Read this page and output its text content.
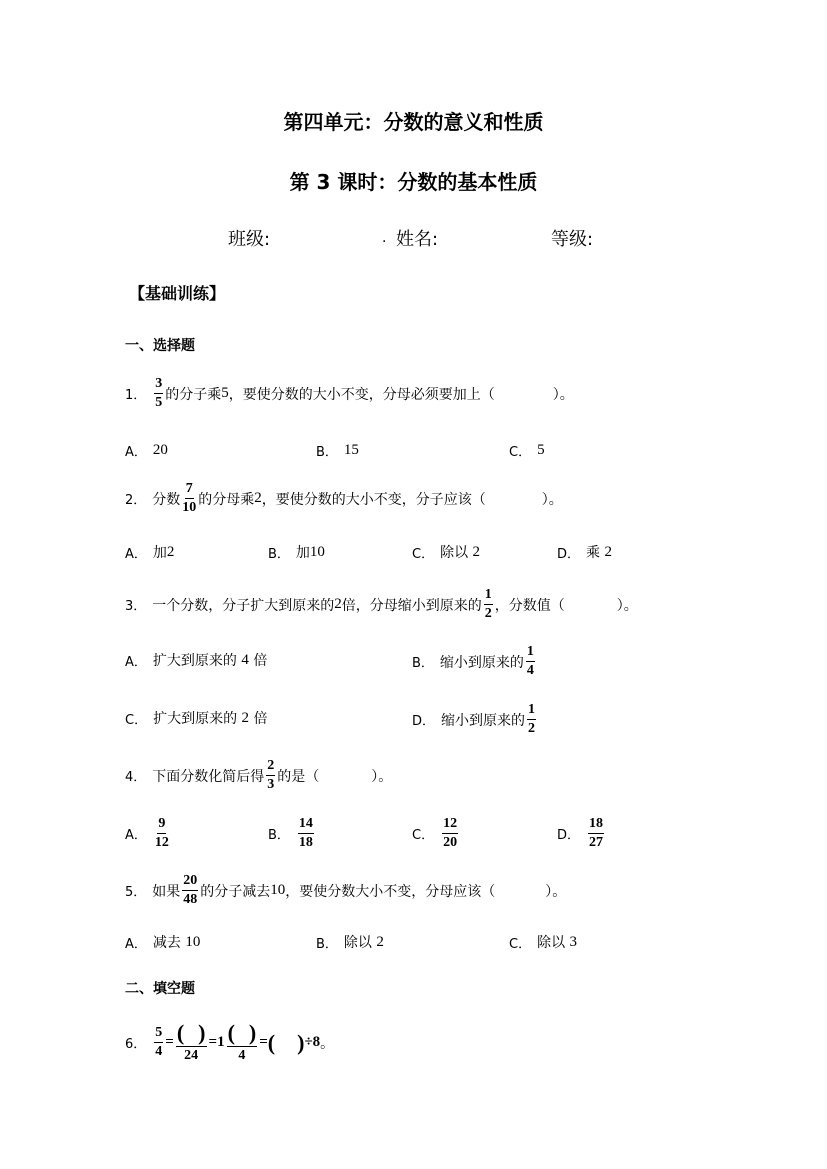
第四单元：分数的意义和性质
第 3 课时：分数的基本性质
班级:	. 姓名:	等级:
【基础训练】
一、选择题
1． $\frac{3}{5}$ 的分子乘 5 ，要使分数的大小不变，分母必须要加上（	）。
A． 20	B． 15	C． 5
2． 分数 $\frac{7}{10}$ 的分母乘 2 ，要使分数的大小不变，分子应该（	）。
A． 加 2	B． 加 10	C． 除以
2	D． 乘
2
3． 一个分数，分子扩大到原来的 2 倍，分母缩小到原来的 $\frac{1}{2}$ ，分数值（	）。
A． 扩大到原来的
4
倍	B． 缩小到原来的 $\frac{1}{4}$
C． 扩大到原来的
2
倍	D． 缩小到原来的 $\frac{1}{2}$
4． 下面分数化简后得 $\frac{2}{3}$ 的是（	）。
A． $\frac{9}{12}$	B． $\frac{14}{18}$	C． $\frac{12}{20}$	D． $\frac{18}{27}$
5． 如果 $\frac{20}{48}$ 的分子减去 10 ，要使分数大小不变，分母应该（	）。
A． 减去
10	B． 除以
2	C． 除以
3
二、填空题
6． $\frac{5}{4} = \frac{( )}{24} = 1 \frac{( )}{4}$ = ( ) ÷8 。
